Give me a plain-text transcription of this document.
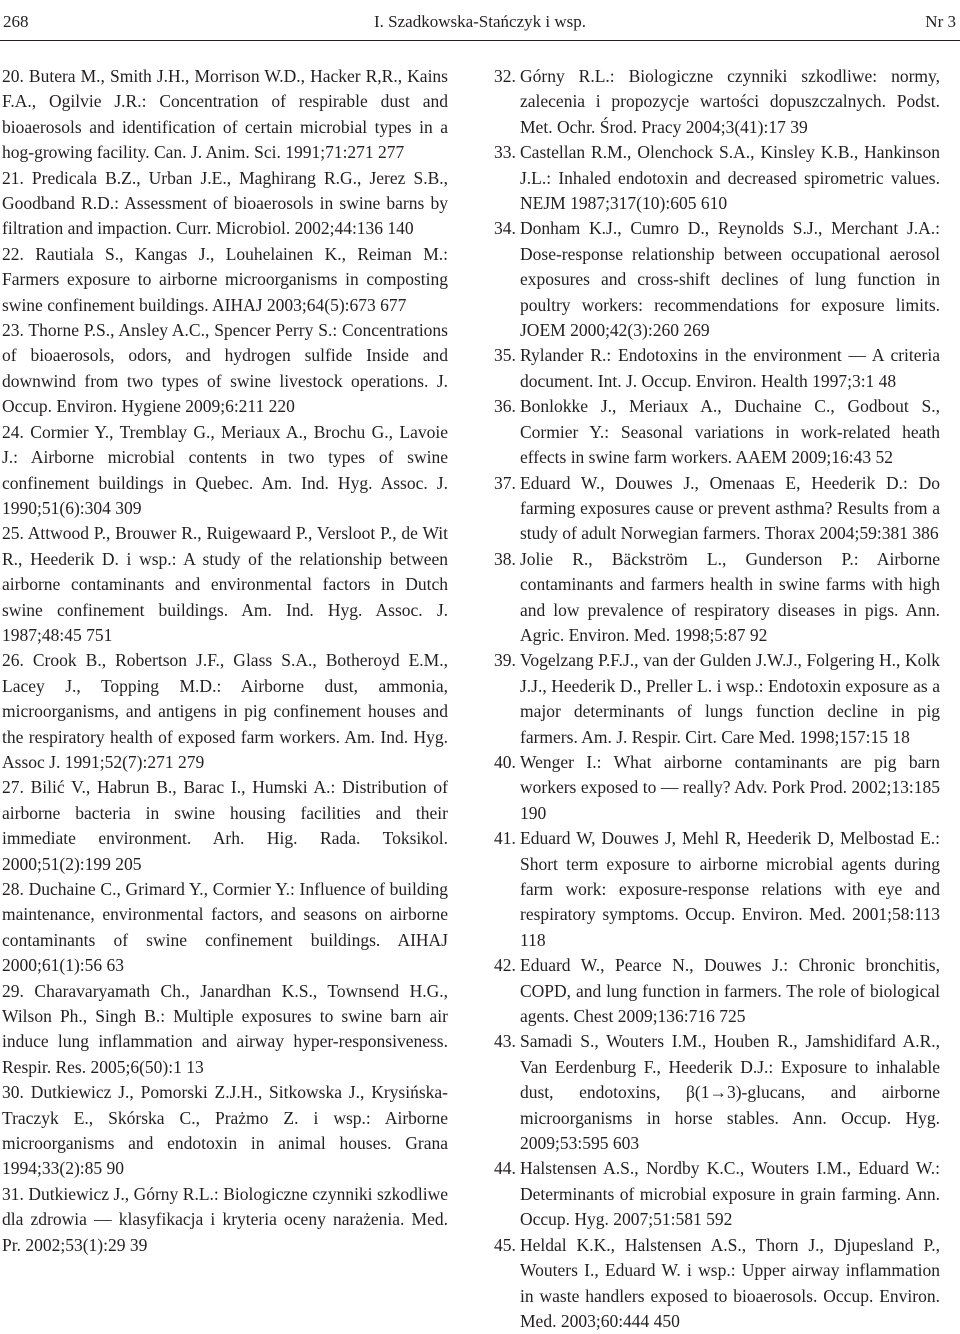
268	I. Szadkowska-Stańczyk i wsp.	Nr 3
20. Butera M., Smith J.H., Morrison W.D., Hacker R,R., Kains F.A., Ogilvie J.R.: Concentration of respirable dust and bioaerosols and identification of certain microbial types in a hog-growing facility. Can. J. Anim. Sci. 1991;71:271 277
21. Predicala B.Z., Urban J.E., Maghirang R.G., Jerez S.B., Goodband R.D.: Assessment of bioaerosols in swine barns by filtration and impaction. Curr. Microbiol. 2002;44:136 140
22. Rautiala S., Kangas J., Louhelainen K., Reiman M.: Farmers exposure to airborne microorganisms in composting swine confinement buildings. AIHAJ 2003;64(5):673 677
23. Thorne P.S., Ansley A.C., Spencer Perry S.: Concentrations of bioaerosols, odors, and hydrogen sulfide Inside and downwind from two types of swine livestock operations. J. Occup. Environ. Hygiene 2009;6:211 220
24. Cormier Y., Tremblay G., Meriaux A., Brochu G., Lavoie J.: Airborne microbial contents in two types of swine confinement buildings in Quebec. Am. Ind. Hyg. Assoc. J. 1990;51(6):304 309
25. Attwood P., Brouwer R., Ruigewaard P., Versloot P., de Wit R., Heederik D. i wsp.: A study of the relationship between airborne contaminants and environmental factors in Dutch swine confinement buildings. Am. Ind. Hyg. Assoc. J. 1987;48:45 751
26. Crook B., Robertson J.F., Glass S.A., Botheroyd E.M., Lacey J., Topping M.D.: Airborne dust, ammonia, microorganisms, and antigens in pig confinement houses and the respiratory health of exposed farm workers. Am. Ind. Hyg. Assoc J. 1991;52(7):271 279
27. Bilić V., Habrun B., Barac I., Humski A.: Distribution of airborne bacteria in swine housing facilities and their immediate environment. Arh. Hig. Rada. Toksikol. 2000;51(2):199 205
28. Duchaine C., Grimard Y., Cormier Y.: Influence of building maintenance, environmental factors, and seasons on airborne contaminants of swine confinement buildings. AIHAJ 2000;61(1):56 63
29. Charavaryamath Ch., Janardhan K.S., Townsend H.G., Wilson Ph., Singh B.: Multiple exposures to swine barn air induce lung inflammation and airway hyper-responsiveness. Respir. Res. 2005;6(50):1 13
30. Dutkiewicz J., Pomorski Z.J.H., Sitkowska J., Krysińska-Traczyk E., Skórska C., Prażmo Z. i wsp.: Airborne microorganisms and endotoxin in animal houses. Grana 1994;33(2):85 90
31. Dutkiewicz J., Górny R.L.: Biologiczne czynniki szkodliwe dla zdrowia — klasyfikacja i kryteria oceny narażenia. Med. Pr. 2002;53(1):29 39
32. Górny R.L.: Biologiczne czynniki szkodliwe: normy, zalecenia i propozycje wartości dopuszczalnych. Podst. Met. Ochr. Środ. Pracy 2004;3(41):17 39
33. Castellan R.M., Olenchock S.A., Kinsley K.B., Hankinson J.L.: Inhaled endotoxin and decreased spirometric values. NEJM 1987;317(10):605 610
34. Donham K.J., Cumro D., Reynolds S.J., Merchant J.A.: Dose-response relationship between occupational aerosol exposures and cross-shift declines of lung function in poultry workers: recommendations for exposure limits. JOEM 2000;42(3):260 269
35. Rylander R.: Endotoxins in the environment — A criteria document. Int. J. Occup. Environ. Health 1997;3:1 48
36. Bonlokke J., Meriaux A., Duchaine C., Godbout S., Cormier Y.: Seasonal variations in work-related heath effects in swine farm workers. AAEM 2009;16:43 52
37. Eduard W., Douwes J., Omenaas E, Heederik D.: Do farming exposures cause or prevent asthma? Results from a study of adult Norwegian farmers. Thorax 2004;59:381 386
38. Jolie R., Bäckström L., Gunderson P.: Airborne contaminants and farmers health in swine farms with high and low prevalence of respiratory diseases in pigs. Ann. Agric. Environ. Med. 1998;5:87 92
39. Vogelzang P.F.J., van der Gulden J.W.J., Folgering H., Kolk J.J., Heederik D., Preller L. i wsp.: Endotoxin exposure as a major determinants of lungs function decline in pig farmers. Am. J. Respir. Cirt. Care Med. 1998;157:15 18
40. Wenger I.: What airborne contaminants are pig barn workers exposed to — really? Adv. Pork Prod. 2002;13:185 190
41. Eduard W, Douwes J, Mehl R, Heederik D, Melbostad E.: Short term exposure to airborne microbial agents during farm work: exposure-response relations with eye and respiratory symptoms. Occup. Environ. Med. 2001;58:113 118
42. Eduard W., Pearce N., Douwes J.: Chronic bronchitis, COPD, and lung function in farmers. The role of biological agents. Chest 2009;136:716 725
43. Samadi S., Wouters I.M., Houben R., Jamshidifard A.R., Van Eerdenburg F., Heederik D.J.: Exposure to inhalable dust, endotoxins, β(1→3)-glucans, and airborne microorganisms in horse stables. Ann. Occup. Hyg. 2009;53:595 603
44. Halstensen A.S., Nordby K.C., Wouters I.M., Eduard W.: Determinants of microbial exposure in grain farming. Ann. Occup. Hyg. 2007;51:581 592
45. Heldal K.K., Halstensen A.S., Thorn J., Djupesland P., Wouters I., Eduard W. i wsp.: Upper airway inflammation in waste handlers exposed to bioaerosols. Occup. Environ. Med. 2003;60:444 450
